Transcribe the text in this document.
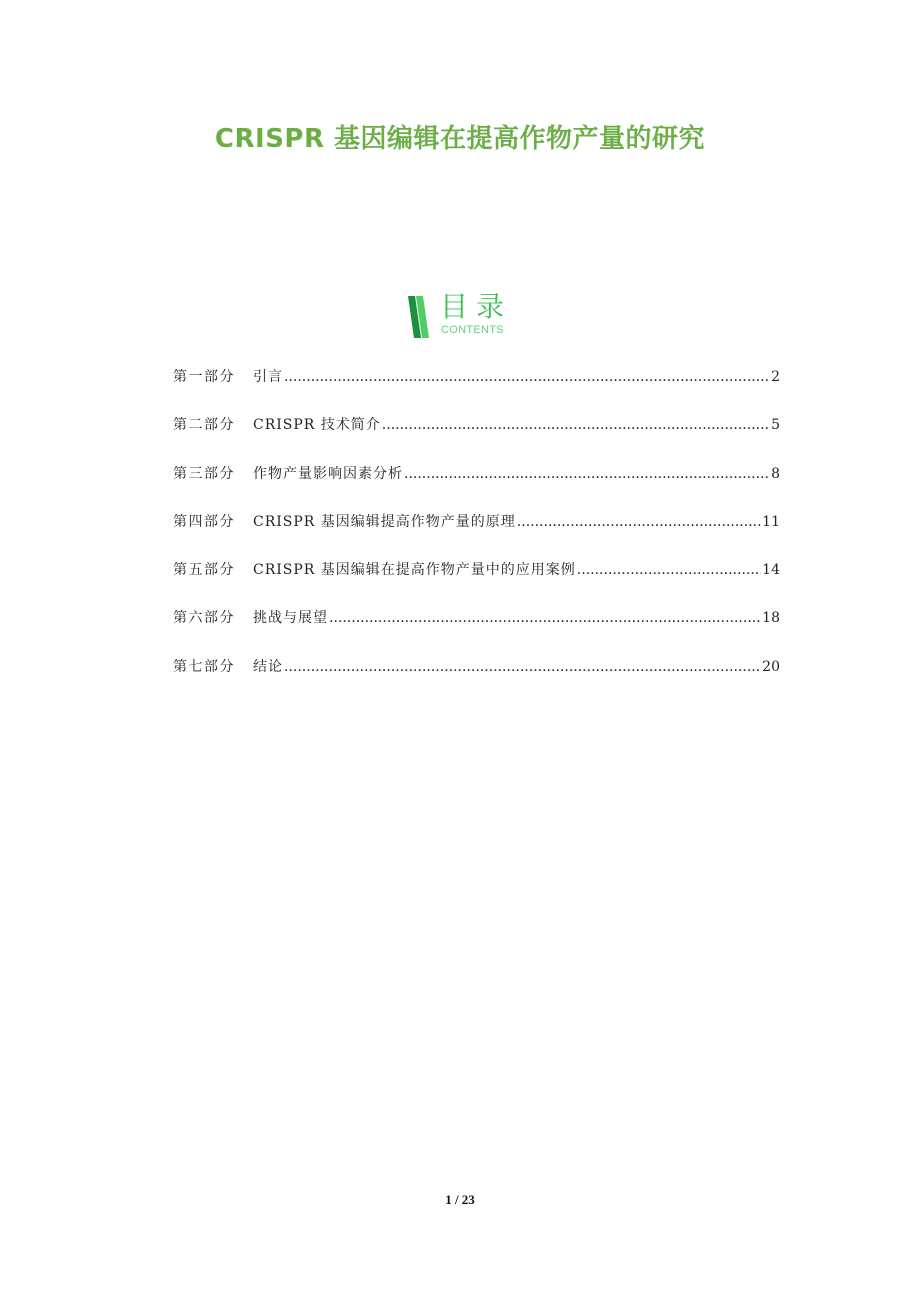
CRISPR 基因编辑在提高作物产量的研究
目录
CONTENTS
第一部分	引言 .....	2
第二部分	CRISPR 技术简介 .....	5
第三部分	作物产量影响因素分析 .....	8
第四部分	CRISPR 基因编辑提高作物产量的原理 .....	11
第五部分	CRISPR 基因编辑在提高作物产量中的应用案例 .....	14
第六部分	挑战与展望 .....	18
第七部分	结论 .....	20
1 / 23
